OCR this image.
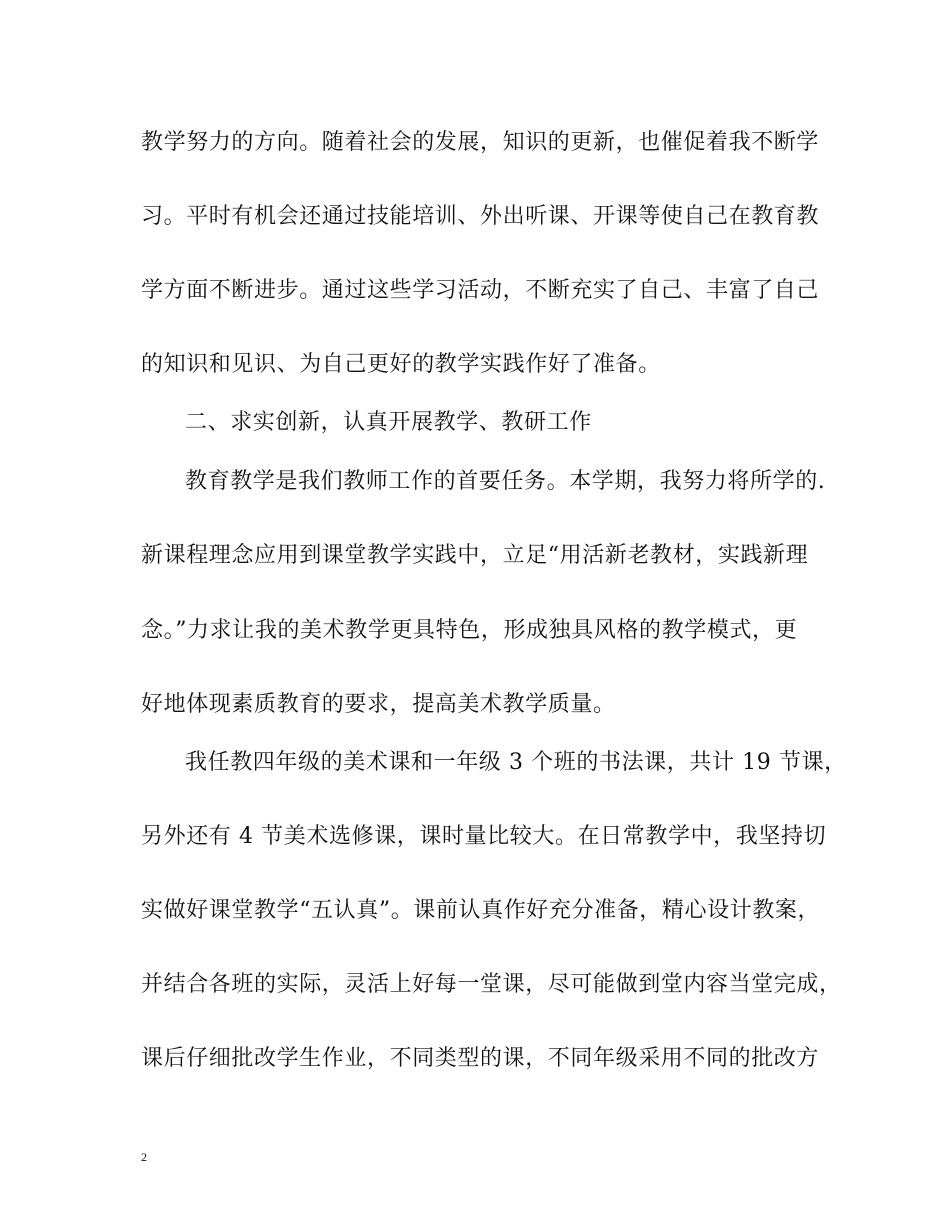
教学努力的方向。随着社会的发展，知识的更新，也催促着我不断学
习。平时有机会还通过技能培训、外出听课、开课等使自己在教育教
学方面不断进步。通过这些学习活动，不断充实了自己、丰富了自己
的知识和见识、为自己更好的教学实践作好了准备。
二、求实创新，认真开展教学、教研工作
教育教学是我们教师工作的首要任务。本学期，我努力将所学的.
新课程理念应用到课堂教学实践中，立足“用活新老教材，实践新理
念。”力求让我的美术教学更具特色，形成独具风格的教学模式，更
好地体现素质教育的要求，提高美术教学质量。
我任教四年级的美术课和一年级 3 个班的书法课，共计 19 节课，
另外还有 4 节美术选修课，课时量比较大。在日常教学中，我坚持切
实做好课堂教学“五认真”。课前认真作好充分准备，精心设计教案，
并结合各班的实际，灵活上好每一堂课，尽可能做到堂内容当堂完成，
课后仔细批改学生作业，不同类型的课，不同年级采用不同的批改方
2
